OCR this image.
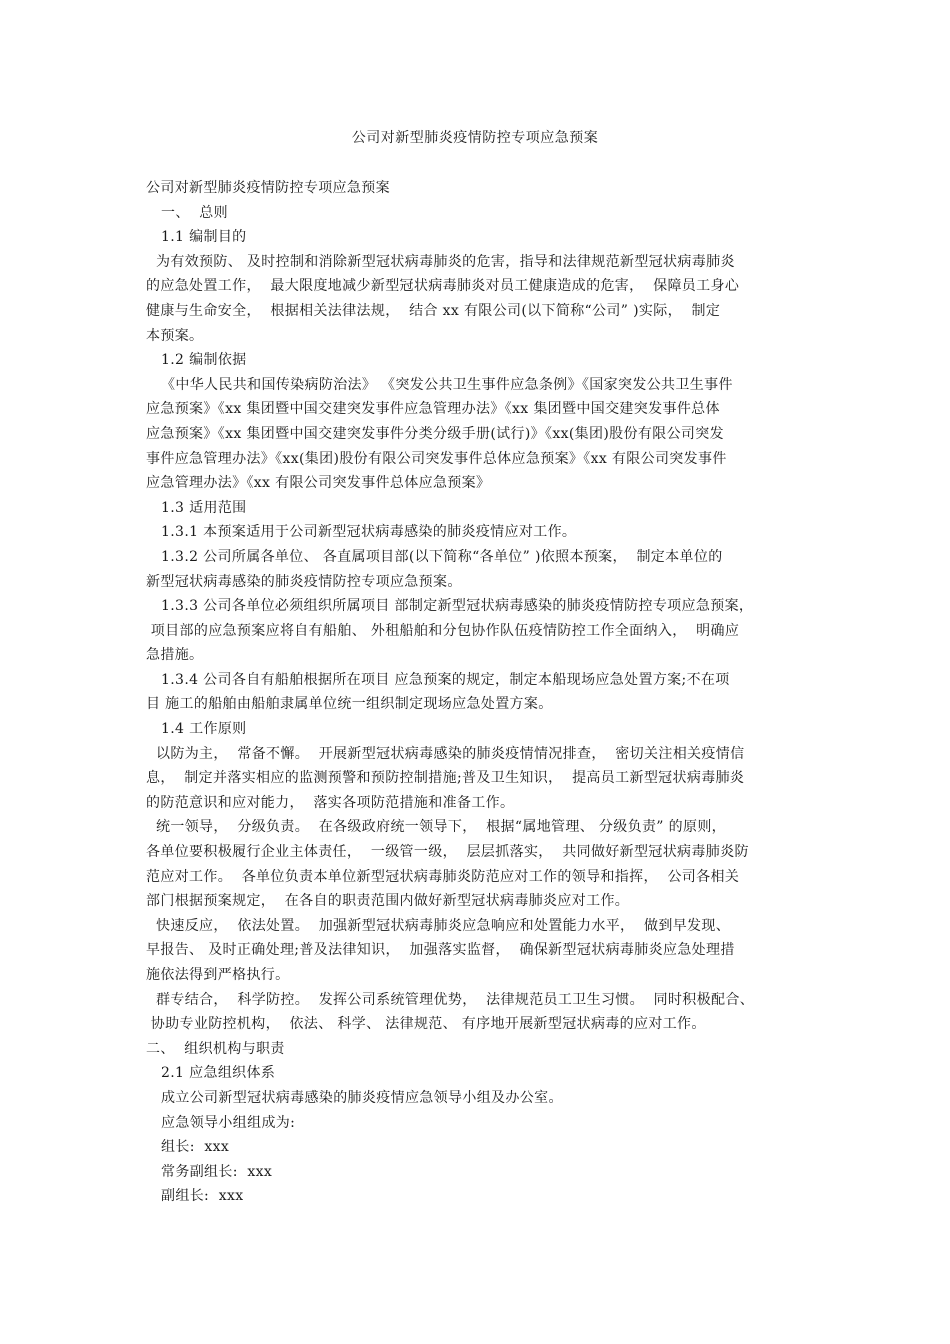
公司对新型肺炎疫情防控专项应急预案
公司对新型肺炎疫情防控专项应急预案
一、  总则
1.1 编制目的
为有效预防、 及时控制和消除新型冠状病毒肺炎的危害，指导和法律规范新型冠状病毒肺炎
的应急处置工作，  最大限度地减少新型冠状病毒肺炎对员工健康造成的危害，  保障员工身心
健康与生命安全，  根据相关法律法规，  结合 xx 有限公司(以下简称“公司” )实际，  制定
本预案。
1.2 编制依据
《中华人民共和国传染病防治法》 《突发公共卫生事件应急条例》《国家突发公共卫生事件
应急预案》《xx 集团暨中国交建突发事件应急管理办法》《xx 集团暨中国交建突发事件总体
应急预案》《xx 集团暨中国交建突发事件分类分级手册(试行)》《xx(集团)股份有限公司突发
事件应急管理办法》《xx(集团)股份有限公司突发事件总体应急预案》《xx 有限公司突发事件
应急管理办法》《xx 有限公司突发事件总体应急预案》
1.3 适用范围
1.3.1 本预案适用于公司新型冠状病毒感染的肺炎疫情应对工作。
1.3.2 公司所属各单位、 各直属项目部(以下简称“各单位” )依照本预案，  制定本单位的
新型冠状病毒感染的肺炎疫情防控专项应急预案。
1.3.3 公司各单位必须组织所属项目 部制定新型冠状病毒感染的肺炎疫情防控专项应急预案，
项目部的应急预案应将自有船舶、 外租船舶和分包协作队伍疫情防控工作全面纳入，  明确应
急措施。
1.3.4 公司各自有船舶根据所在项目 应急预案的规定，制定本船现场应急处置方案;不在项
目 施工的船舶由船舶隶属单位统一组织制定现场应急处置方案。
1.4 工作原则
以防为主，  常备不懈。  开展新型冠状病毒感染的肺炎疫情情况排查，  密切关注相关疫情信
息，  制定并落实相应的监测预警和预防控制措施;普及卫生知识，  提高员工新型冠状病毒肺炎
的防范意识和应对能力，  落实各项防范措施和准备工作。
统一领导，  分级负责。  在各级政府统一领导下，  根据“属地管理、 分级负责” 的原则，
各单位要积极履行企业主体责任，  一级管一级，  层层抓落实，  共同做好新型冠状病毒肺炎防
范应对工作。  各单位负责本单位新型冠状病毒肺炎防范应对工作的领导和指挥，  公司各相关
部门根据预案规定，  在各自的职责范围内做好新型冠状病毒肺炎应对工作。
快速反应，  依法处置。  加强新型冠状病毒肺炎应急响应和处置能力水平，  做到早发现、
早报告、 及时正确处理;普及法律知识，  加强落实监督，  确保新型冠状病毒肺炎应急处理措
施依法得到严格执行。
群专结合，  科学防控。  发挥公司系统管理优势，  法律规范员工卫生习惯。  同时积极配合、
协助专业防控机构，  依法、 科学、 法律规范、 有序地开展新型冠状病毒的应对工作。
二、  组织机构与职责
2.1 应急组织体系
成立公司新型冠状病毒感染的肺炎疫情应急领导小组及办公室。
应急领导小组组成为:
组长:  xxx
常务副组长:  xxx
副组长:  xxx
